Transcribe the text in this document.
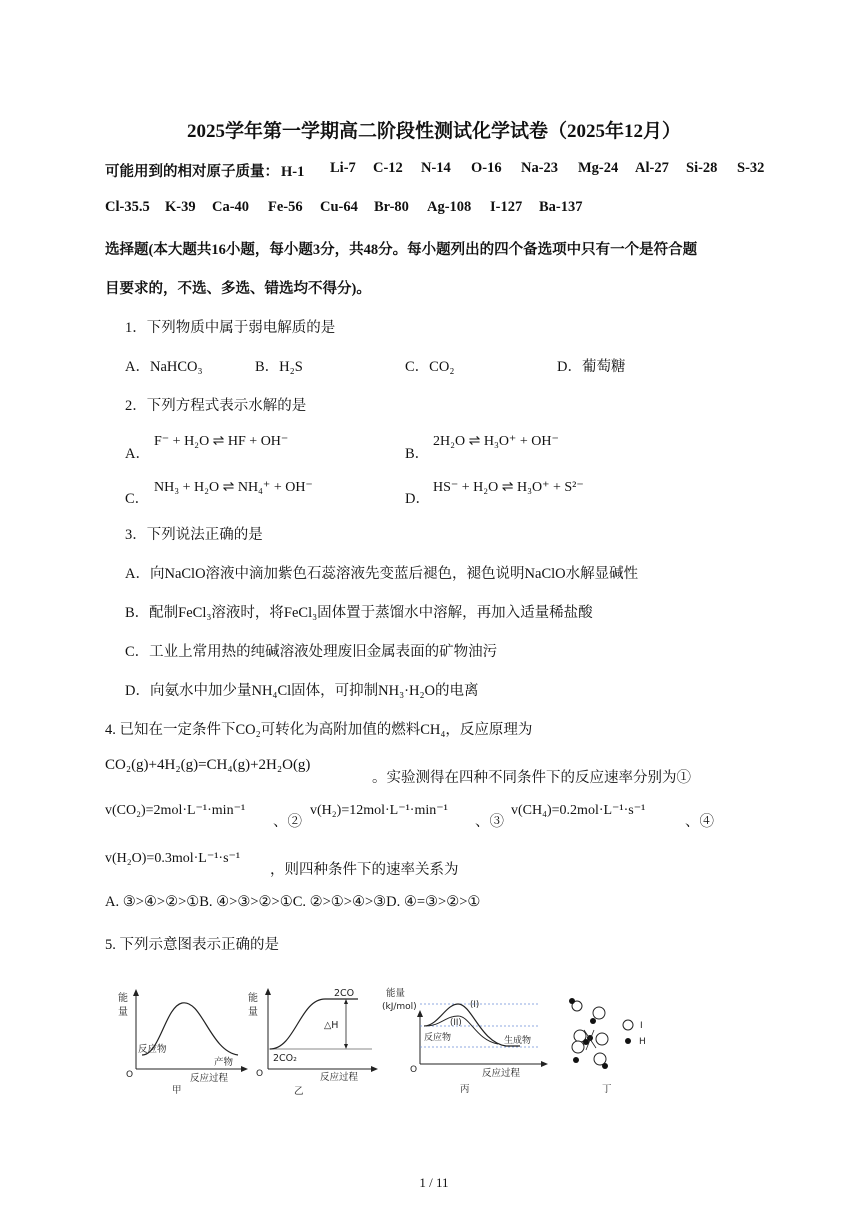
2025学年第一学期高二阶段性测试化学试卷（2025年12月）
可能用到的相对原子质量： H-1 Li-7 C-12 N-14 O-16 Na-23 Mg-24 Al-27 Si-28 S-32
Cl-35.5 K-39 Ca-40 Fe-56 Cu-64 Br-80 Ag-108 I-127 Ba-137
选择题(本大题共16小题，每小题3分，共48分。每小题列出的四个备选项中只有一个是符合题
目要求的，不选、多选、错选均不得分)。
1．下列物质中属于弱电解质的是
A．NaHCO₃	B．H₂S	C．CO₂	D．葡萄糖
2．下列方程式表示水解的是
A．
F⁻ + H₂O ⇌ HF + OH⁻
B．
2H₂O ⇌ H₃O⁺ + OH⁻
C．
NH₃ + H₂O ⇌ NH₄⁺ + OH⁻
D．
HS⁻ + H₂O ⇌ H₃O⁺ + S²⁻
3．下列说法正确的是
A．向NaClO溶液中滴加紫色石蕊溶液先变蓝后褪色，褪色说明NaClO水解显碱性
B．配制FeCl₃溶液时，将FeCl₃固体置于蒸馏水中溶解，再加入适量稀盐酸
C．工业上常用热的纯碱溶液处理废旧金属表面的矿物油污
D．向氨水中加少量NH₄Cl固体，可抑制NH₃·H₂O的电离
4. 已知在一定条件下CO₂可转化为高附加值的燃料CH₄，反应原理为
CO₂(g)+4H₂(g)=CH₄(g)+2H₂O(g)
。实验测得在四种不同条件下的反应速率分别为①
v(CO₂)=2mol·L⁻¹·min⁻¹
、②
v(H₂)=12mol·L⁻¹·min⁻¹
、③
v(CH₄)=0.2mol·L⁻¹·s⁻¹
、④
v(H₂O)=0.3mol·L⁻¹·s⁻¹
，则四种条件下的速率关系为
A. ③>④>②>①B. ④>③>②>①C. ②>①>④>③D. ④=③>②>①
5. 下列示意图表示正确的是
能
量
反应物
产物
O	反应过程
甲
能
量
2CO
2CO₂
△H
O	反应过程
乙
能量
(kJ/mol)	(I)
(II)
反应物	生成物
O	反应过程
丙
I
H
丁
1 / 11
